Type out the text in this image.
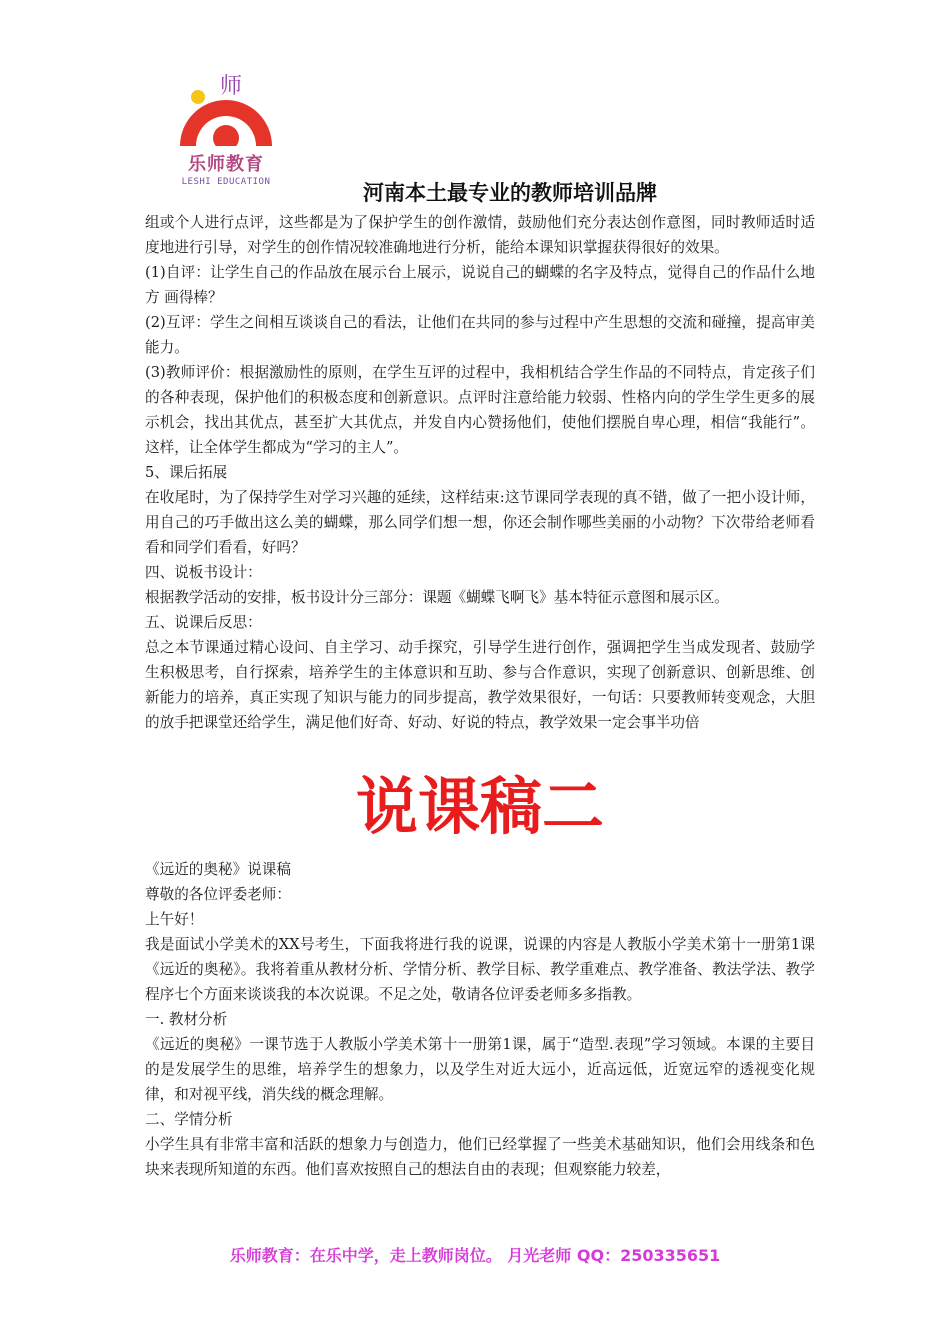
师
乐师教育
LESHI EDUCATION	河南本土最专业的教师培训品牌

组或个人进行点评，这些都是为了保护学生的创作激情，鼓励他们充分表达创作意图，同时教师适时适度地进行引导，对学生的创作情况较准确地进行分析，能给本课知识掌握获得很好的效果。

(1)自评：让学生自己的作品放在展示台上展示，说说自己的蝴蝶的名字及特点，觉得自己的作品什么地方 画得棒？

(2)互评：学生之间相互谈谈自己的看法，让他们在共同的参与过程中产生思想的交流和碰撞，提高审美能力。

(3)教师评价：根据激励性的原则，在学生互评的过程中，我相机结合学生作品的不同特点，肯定孩子们的各种表现，保护他们的积极态度和创新意识。点评时注意给能力较弱、性格内向的学生学生更多的展示机会，找出其优点，甚至扩大其优点，并发自内心赞扬他们，使他们摆脱自卑心理，相信“我能行”。这样，让全体学生都成为“学习的主人”。

5、课后拓展

在收尾时，为了保持学生对学习兴趣的延续，这样结束:这节课同学表现的真不错，做了一把小设计师，用自己的巧手做出这么美的蝴蝶，那么同学们想一想，你还会制作哪些美丽的小动物？下次带给老师看看和同学们看看，好吗？

四、说板书设计：

根据教学活动的安排，板书设计分三部分：课题《蝴蝶飞啊飞》基本特征示意图和展示区。

五、说课后反思：

总之本节课通过精心设问、自主学习、动手探究，引导学生进行创作，强调把学生当成发现者、鼓励学生积极思考，自行探索，培养学生的主体意识和互助、参与合作意识，实现了创新意识、创新思维、创新能力的培养，真正实现了知识与能力的同步提高，教学效果很好，一句话：只要教师转变观念，大胆的放手把课堂还给学生，满足他们好奇、好动、好说的特点，教学效果一定会事半功倍

说课稿二

《远近的奥秘》说课稿

尊敬的各位评委老师：

上午好！

我是面试小学美术的XX号考生，下面我将进行我的说课，说课的内容是人教版小学美术第十一册第1课《远近的奥秘》。我将着重从教材分析、学情分析、教学目标、教学重难点、教学准备、教法学法、教学程序七个方面来谈谈我的本次说课。不足之处，敬请各位评委老师多多指教。

一. 教材分析

《远近的奥秘》一课节选于人教版小学美术第十一册第1课，属于“造型.表现”学习领域。本课的主要目的是发展学生的思维，培养学生的想象力，以及学生对近大远小，近高远低，近宽远窄的透视变化规律，和对视平线，消失线的概念理解。

二、学情分析

小学生具有非常丰富和活跃的想象力与创造力，他们已经掌握了一些美术基础知识，他们会用线条和色块来表现所知道的东西。他们喜欢按照自己的想法自由的表现；但观察能力较差，

乐师教育：在乐中学，走上教师岗位。 月光老师 QQ：250335651
